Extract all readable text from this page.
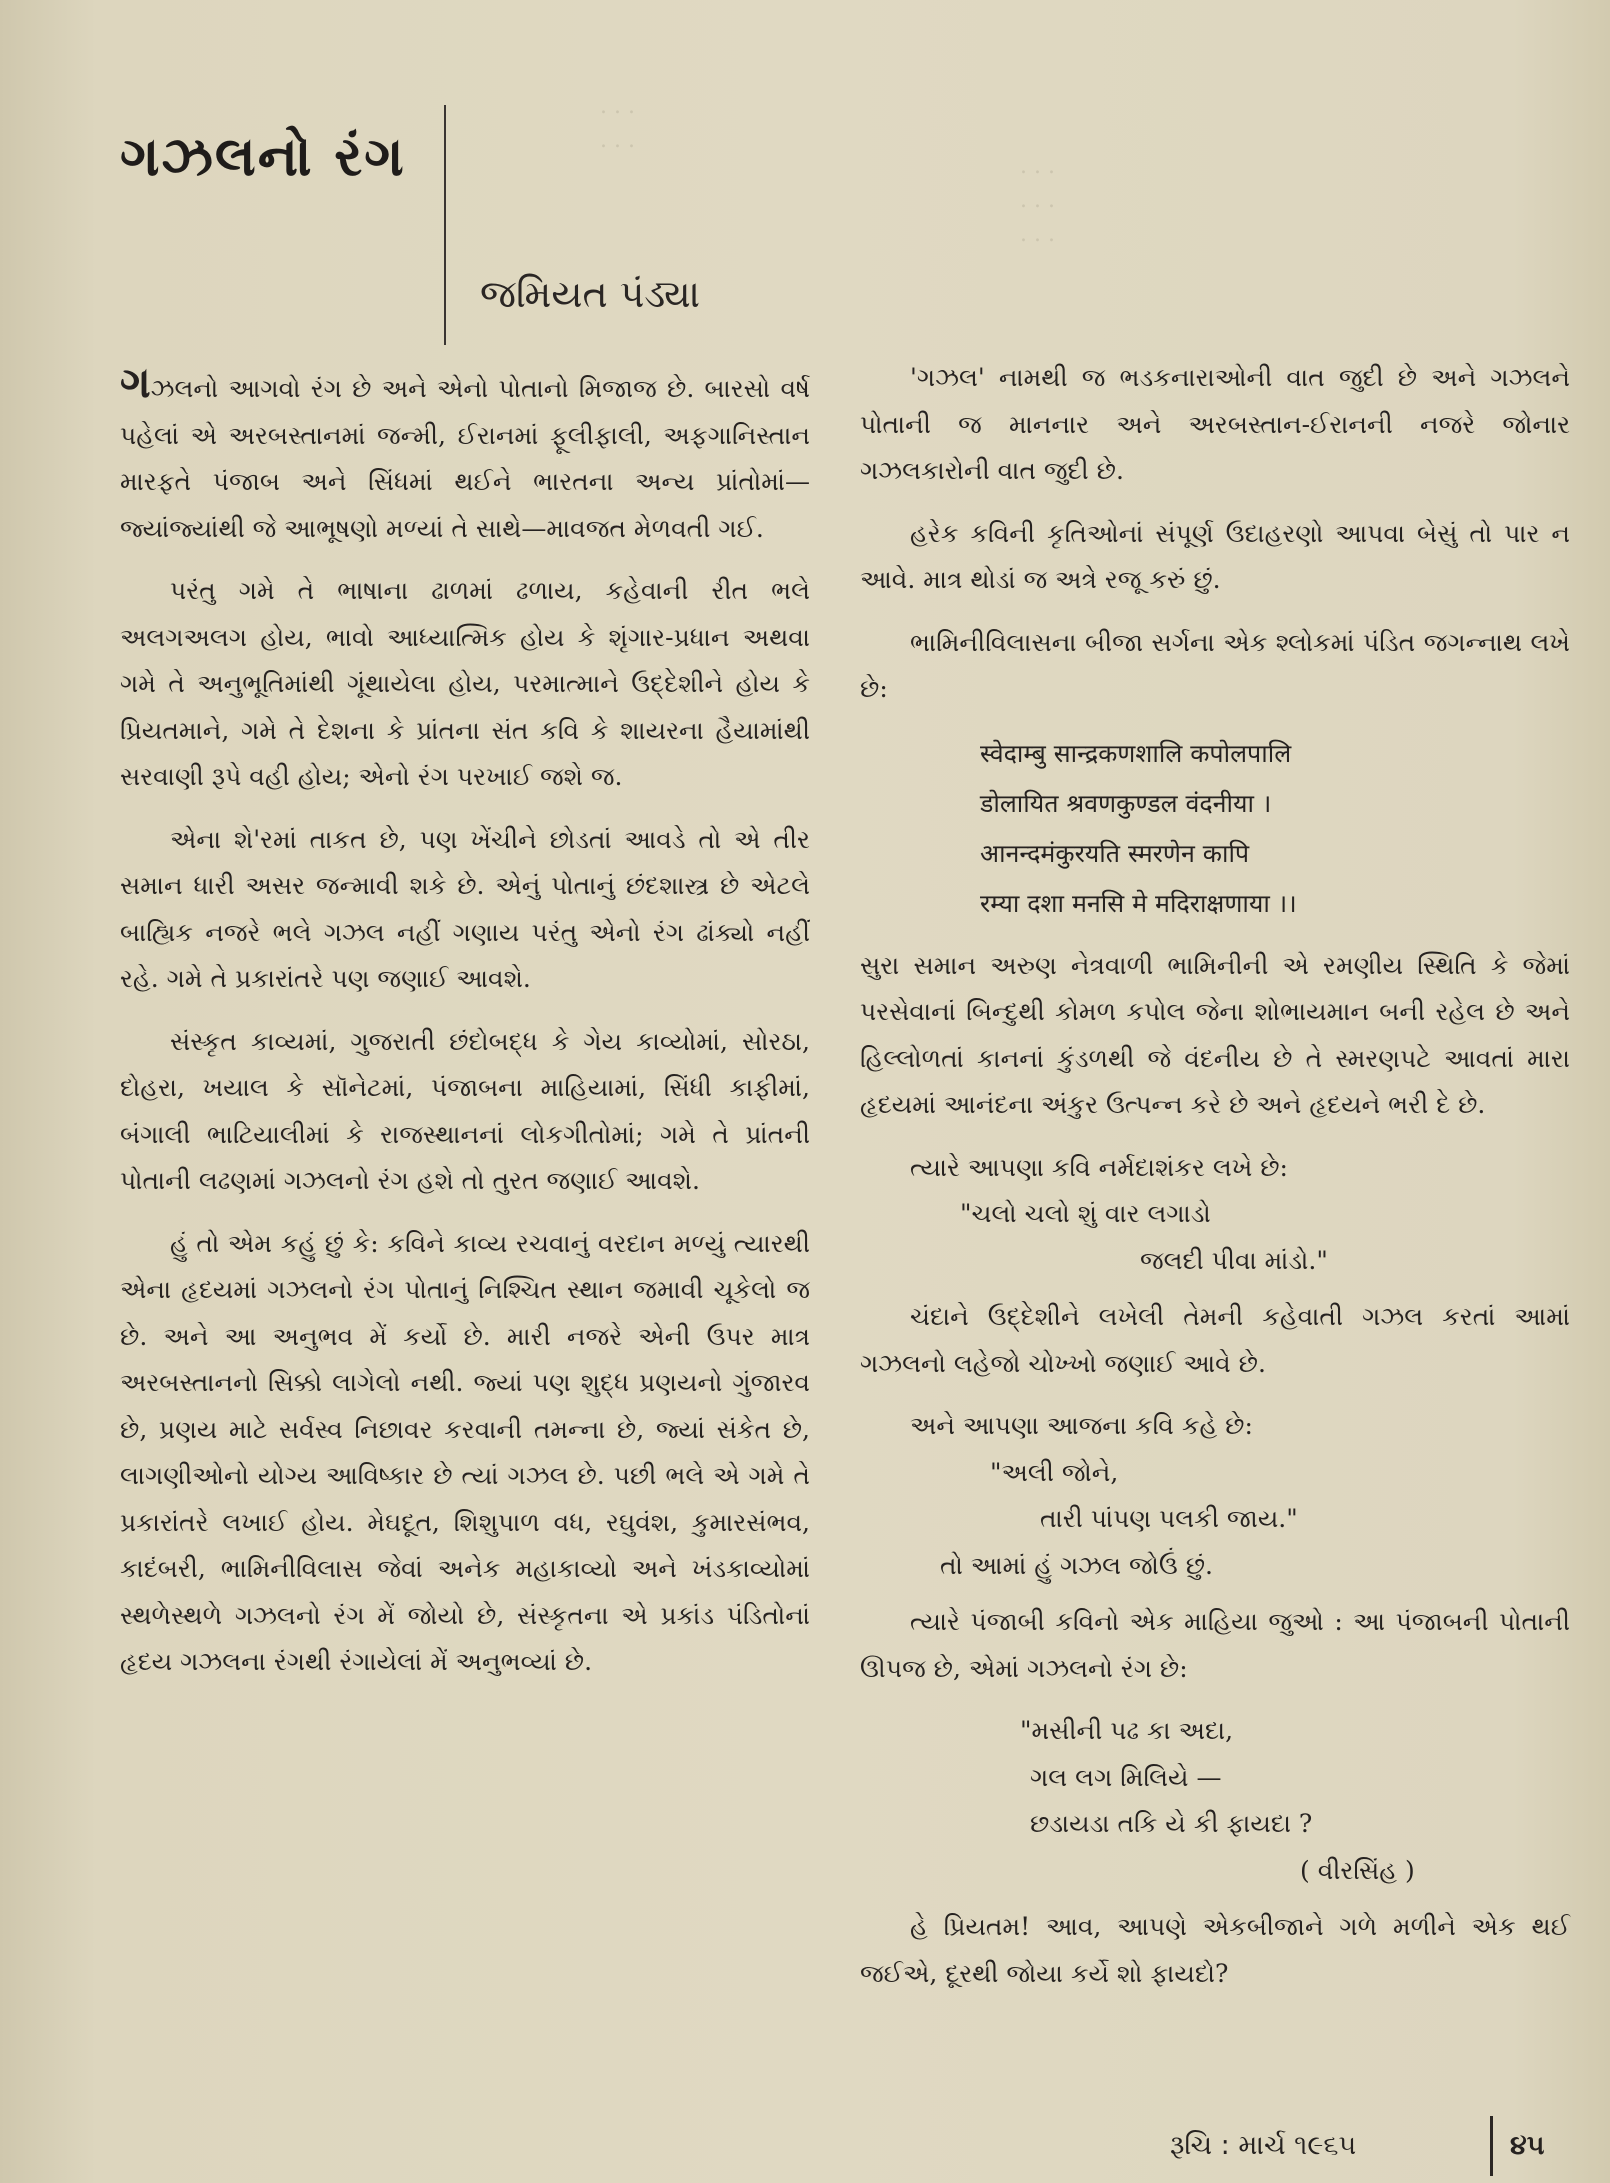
. . .
. . .
. . .
. . .
. . .
ગઝલનો રંગ
જમિયત પંડ્યા

ગઝલનો આગવો રંગ છે અને એનો પોતાનો મિજાજ છે. બારસો વર્ષ પહેલાં એ અરબસ્તાનમાં જન્મી, ઈરાનમાં ફૂલીફાલી, અફગાનિસ્તાન મારફતે પંજાબ અને સિંધમાં થઈને ભારતના અન્ય પ્રાંતોમાં—જ્યાંજ્યાંથી જે આભૂષણો મળ્યાં તે સાથે—માવજત મેળવતી ગઈ.

પરંતુ ગમે તે ભાષાના ઢાળમાં ઢળાય, કહેવાની રીત ભલે અલગઅલગ હોય, ભાવો આધ્યાત્મિક હોય કે શૃંગાર-પ્રધાન અથવા ગમે તે અનુભૂતિમાંથી ગૂંથાયેલા હોય, પરમાત્માને ઉદ્દેશીને હોય કે પ્રિયતમાને, ગમે તે દેશના કે પ્રાંતના સંત કવિ કે શાયરના હૈયામાંથી સરવાણી રૂપે વહી હોય; એનો રંગ પરખાઈ જશે જ.

એના શે'રમાં તાકત છે, પણ ખેંચીને છોડતાં આવડે તો એ તીર સમાન ધારી અસર જન્માવી શકે છે. એનું પોતાનું છંદશાસ્ત્ર છે એટલે બાહ્યિક નજરે ભલે ગઝલ નહીં ગણાય પરંતુ એનો રંગ ઢાંક્યો નહીં રહે. ગમે તે પ્રકારાંતરે પણ જણાઈ આવશે.

સંસ્કૃત કાવ્યમાં, ગુજરાતી છંદોબદ્ધ કે ગેય કાવ્યોમાં, સોરઠા, દોહરા, ખયાલ કે સૉનેટમાં, પંજાબના માહિયામાં, સિંધી કાફીમાં, બંગાલી ભાટિયાલીમાં કે રાજસ્થાનનાં લોકગીતોમાં; ગમે તે પ્રાંતની પોતાની લઢણમાં ગઝલનો રંગ હશે તો તુરત જણાઈ આવશે.

હું તો એમ કહું છું કે: કવિને કાવ્ય રચવાનું વરદાન મળ્યું ત્યારથી એના હૃદયમાં ગઝલનો રંગ પોતાનું નિશ્ચિત સ્થાન જમાવી ચૂકેલો જ છે. અને આ અનુભવ મેં કર્યો છે. મારી નજરે એની ઉપર માત્ર અરબસ્તાનનો સિક્કો લાગેલો નથી. જ્યાં પણ શુદ્ધ પ્રણયનો ગુંજારવ છે, પ્રણય માટે સર્વસ્વ નિછાવર કરવાની તમન્ના છે, જ્યાં સંકેત છે, લાગણીઓનો યોગ્ય આવિષ્કાર છે ત્યાં ગઝલ છે. પછી ભલે એ ગમે તે પ્રકારાંતરે લખાઈ હોય. મેઘદૂત, શિશુપાળ વધ, રઘુવંશ, કુમારસંભવ, કાદંબરી, ભામિનીવિલાસ જેવાં અનેક મહાકાવ્યો અને ખંડકાવ્યોમાં સ્થળેસ્થળે ગઝલનો રંગ મેં જોયો છે, સંસ્કૃતના એ પ્રકાંડ પંડિતોનાં હૃદય ગઝલના રંગથી રંગાયેલાં મેં અનુભવ્યાં છે.

'ગઝલ' નામથી જ ભડકનારાઓની વાત જુદી છે અને ગઝલને પોતાની જ માનનાર અને અરબસ્તાન-ઈરાનની નજરે જોનાર ગઝલકારોની વાત જુદી છે.

હરેક કવિની કૃતિઓનાં સંપૂર્ણ ઉદાહરણો આપવા બેસું તો પાર ન આવે. માત્ર થોડાં જ અત્રે રજૂ કરું છું.

ભામિનીવિલાસના બીજા સર્ગના એક શ્લોકમાં પંડિત જગન્નાથ લખે છે:

स्वेदाम्बु सान्द्रकणशालि कपोलपालि
डोलायित श्रवणकुण्डल वंदनीया ।
आनन्दमंकुरयति स्मरणेन कापि
रम्या दशा मनसि मे मदिराक्षणाया ।।

સુરા સમાન અરુણ નેત્રવાળી ભામિનીની એ રમણીય સ્થિતિ કે જેમાં પરસેવાનાં બિન્દુથી કોમળ કપોલ જેના શોભાયમાન બની રહેલ છે અને હિલ્લોળતાં કાનનાં કુંડળથી જે વંદનીય છે તે સ્મરણપટે આવતાં મારા હૃદયમાં આનંદના અંકુર ઉત્પન્ન કરે છે અને હૃદયને ભરી દે છે.

ત્યારે આપણા કવિ નર્મદાશંકર લખે છે:
"ચલો ચલો શું વાર લગાડો
જલદી પીવા માંડો."

ચંદાને ઉદ્દેશીને લખેલી તેમની કહેવાતી ગઝલ કરતાં આમાં ગઝલનો લહેજો ચોખ્ખો જણાઈ આવે છે.

અને આપણા આજના કવિ કહે છે:
"અલી જોને,
તારી પાંપણ પલકી જાય."
તો આમાં હું ગઝલ જોઉં છું.

ત્યારે પંજાબી કવિનો એક માહિયા જુઓ : આ પંજાબની પોતાની ઊપજ છે, એમાં ગઝલનો રંગ છે:

"મસીની પઢ કા અદા,
ગલ લગ મિલિયે —
છડાયડા તકિ યે કી ફાયદા ?
( વીરસિંહ )

હે પ્રિયતમ! આવ, આપણે એકબીજાને ગળે મળીને એક થઈ જઈએ, દૂરથી જોયા કર્યે શો ફાયદો?

રૂચિ : માર્ચ ૧૯૬૫	૪૫
